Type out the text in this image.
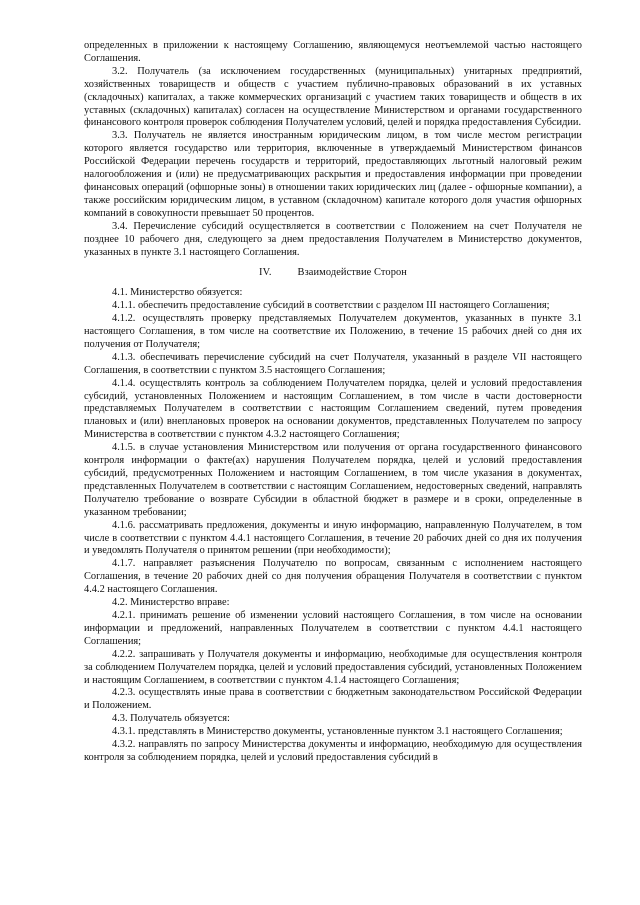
определенных в приложении к настоящему Соглашению, являющемуся неотъемлемой частью настоящего Соглашения.

3.2. Получатель (за исключением государственных (муниципальных) унитарных предприятий, хозяйственных товариществ и обществ с участием публично-правовых образований в их уставных (складочных) капиталах, а также коммерческих организаций с участием таких товариществ и обществ в их уставных (складочных) капиталах) согласен на осуществление Министерством и органами государственного финансового контроля проверок соблюдения Получателем условий, целей и порядка предоставления Субсидии.

3.3. Получатель не является иностранным юридическим лицом, в том числе местом регистрации которого является государство или территория, включенные в утверждаемый Министерством финансов Российской Федерации перечень государств и территорий, предоставляющих льготный налоговый режим налогообложения и (или) не предусматривающих раскрытия и предоставления информации при проведении финансовых операций (офшорные зоны) в отношении таких юридических лиц (далее - офшорные компании), а также российским юридическим лицом, в уставном (складочном) капитале которого доля участия офшорных компаний в совокупности превышает 50 процентов.

3.4. Перечисление субсидий осуществляется в соответствии с Положением на счет Получателя не позднее 10 рабочего дня, следующего за днем предоставления Получателем в Министерство документов, указанных в пункте 3.1 настоящего Соглашения.

IV.	Взаимодействие Сторон

4.1. Министерство обязуется:

4.1.1. обеспечить предоставление субсидий в соответствии с разделом III настоящего Соглашения;

4.1.2. осуществлять проверку представляемых Получателем документов, указанных в пункте 3.1 настоящего Соглашения, в том числе на соответствие их Положению, в течение 15 рабочих дней со дня их получения от Получателя;

4.1.3. обеспечивать перечисление субсидий на счет Получателя, указанный в разделе VII настоящего Соглашения, в соответствии с пунктом 3.5 настоящего Соглашения;

4.1.4. осуществлять контроль за соблюдением Получателем порядка, целей и условий предоставления субсидий, установленных Положением и настоящим Соглашением, в том числе в части достоверности представляемых Получателем в соответствии с настоящим Соглашением сведений, путем проведения плановых и (или) внеплановых проверок на основании документов, представленных Получателем по запросу Министерства в соответствии с пунктом 4.3.2 настоящего Соглашения;

4.1.5. в случае установления Министерством или получения от органа государственного финансового контроля информации о факте(ах) нарушения Получателем порядка, целей и условий предоставления субсидий, предусмотренных Положением и настоящим Соглашением, в том числе указания в документах, представленных Получателем в соответствии с настоящим Соглашением, недостоверных сведений, направлять Получателю требование о возврате Субсидии в областной бюджет в размере и в сроки, определенные в указанном требовании;

4.1.6. рассматривать предложения, документы и иную информацию, направленную Получателем, в том числе в соответствии с пунктом 4.4.1 настоящего Соглашения, в течение 20 рабочих дней со дня их получения и уведомлять Получателя о принятом решении (при необходимости);

4.1.7. направляет разъяснения Получателю по вопросам, связанным с исполнением настоящего Соглашения, в течение 20 рабочих дней со дня получения обращения Получателя в соответствии с пунктом 4.4.2 настоящего Соглашения.

4.2. Министерство вправе:

4.2.1. принимать решение об изменении условий настоящего Соглашения, в том числе на основании информации и предложений, направленных Получателем в соответствии с пунктом 4.4.1 настоящего Соглашения;

4.2.2. запрашивать у Получателя документы и информацию, необходимые для осуществления контроля за соблюдением Получателем порядка, целей и условий предоставления субсидий, установленных Положением и настоящим Соглашением, в соответствии с пунктом 4.1.4 настоящего Соглашения;

4.2.3. осуществлять иные права в соответствии с бюджетным законодательством Российской Федерации и Положением.

4.3. Получатель обязуется:

4.3.1. представлять в Министерство документы, установленные пунктом 3.1 настоящего Соглашения;

4.3.2. направлять по запросу Министерства документы и информацию, необходимую для осуществления контроля за соблюдением порядка, целей и условий предоставления субсидий в
